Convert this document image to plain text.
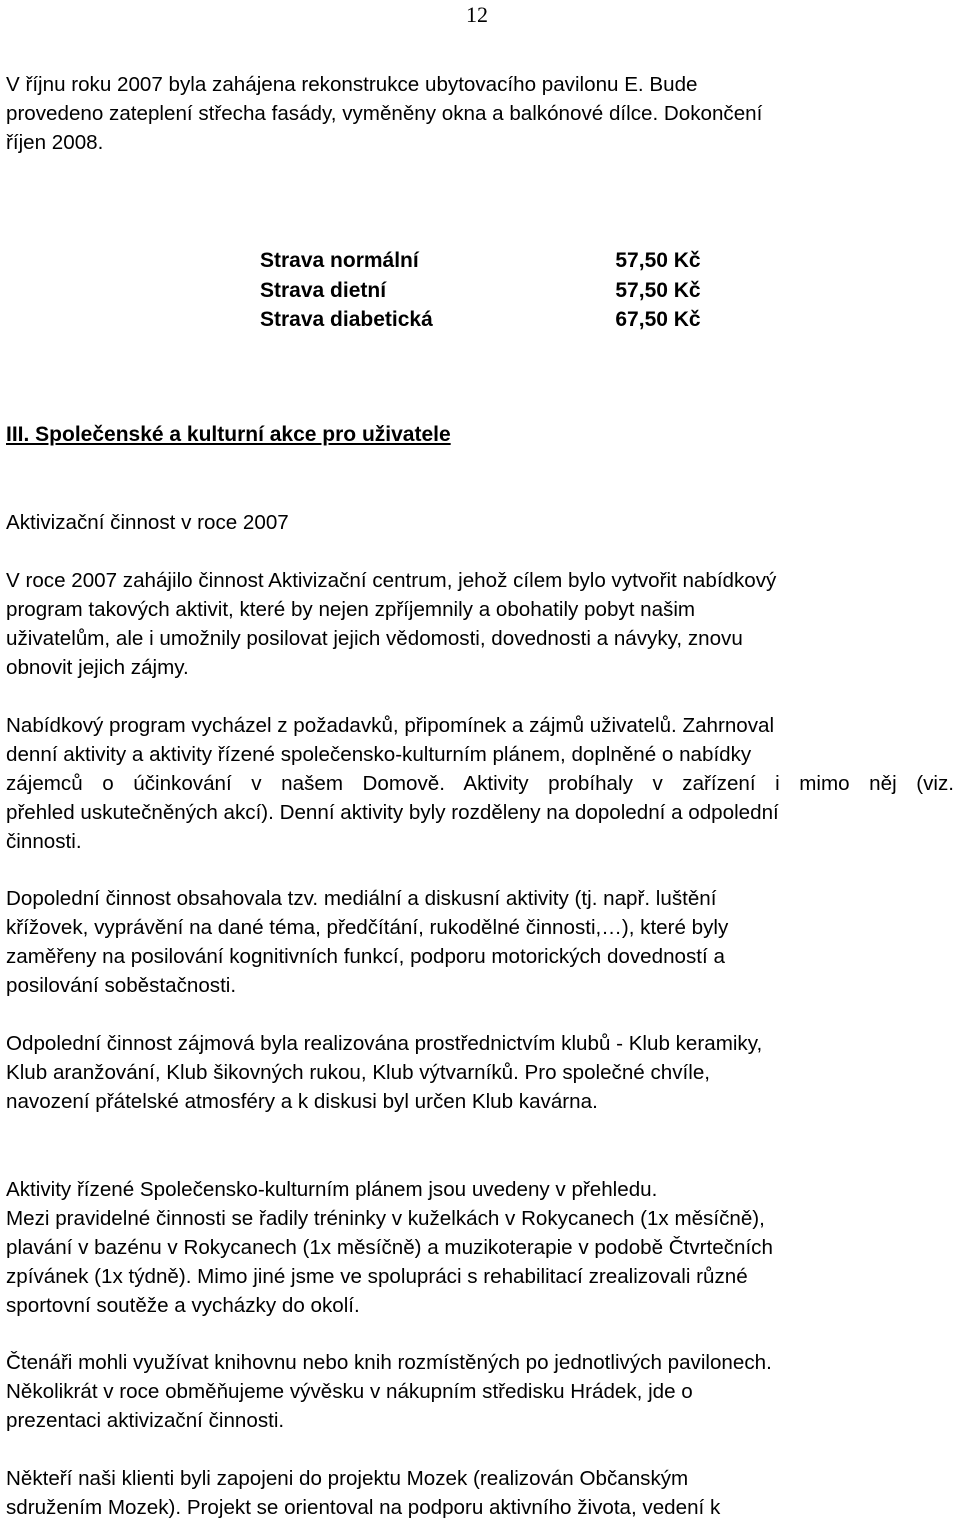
12
V říjnu roku 2007 byla zahájena rekonstrukce ubytovacího pavilonu E. Bude
provedeno zateplení střecha fasády, vyměněny okna a balkónové dílce. Dokončení
říjen 2008.
Strava normální	57,50 Kč
Strava dietní	57,50 Kč
Strava diabetická	67,50 Kč
III. Společenské a kulturní akce pro uživatele
Aktivizační činnost v roce 2007
V roce 2007 zahájilo činnost Aktivizační centrum, jehož cílem bylo vytvořit nabídkový
program takových aktivit, které by nejen zpříjemnily a obohatily pobyt našim
uživatelům, ale i umožnily posilovat jejich vědomosti, dovednosti a návyky, znovu
obnovit jejich zájmy.
Nabídkový program vycházel z požadavků, připomínek a zájmů uživatelů. Zahrnoval
denní aktivity a aktivity řízené společensko-kulturním plánem, doplněné o nabídky
zájemců o účinkování v našem Domově. Aktivity probíhaly v zařízení i mimo něj (viz.
přehled uskutečněných akcí). Denní aktivity byly rozděleny na dopolední a odpolední
činnosti.
Dopolední činnost obsahovala tzv. mediální a diskusní aktivity (tj. např. luštění
křížovek, vyprávění na dané téma, předčítání, rukodělné činnosti,…), které byly
zaměřeny na posilování kognitivních funkcí, podporu motorických dovedností a
posilování soběstačnosti.
Odpolední činnost zájmová byla realizována prostřednictvím klubů - Klub keramiky,
Klub aranžování, Klub šikovných rukou, Klub výtvarníků. Pro společné chvíle,
navození přátelské atmosféry a k diskusi byl určen Klub kavárna.
Aktivity řízené Společensko-kulturním plánem jsou uvedeny v přehledu.
Mezi pravidelné činnosti se řadily tréninky v kuželkách v Rokycanech (1x měsíčně),
plavání v bazénu v Rokycanech (1x měsíčně) a muzikoterapie v podobě Čtvrtečních
zpívánek (1x týdně). Mimo jiné jsme ve spolupráci s rehabilitací zrealizovali různé
sportovní soutěže a vycházky do okolí.
Čtenáři mohli využívat knihovnu nebo knih rozmístěných po jednotlivých pavilonech.
Několikrát v roce obměňujeme vývěsku v nákupním středisku Hrádek, jde o
prezentaci aktivizační činnosti.
Někteří naši klienti byli zapojeni do projektu Mozek (realizován Občanským
sdružením Mozek). Projekt se orientoval na podporu aktivního života, vedení k
